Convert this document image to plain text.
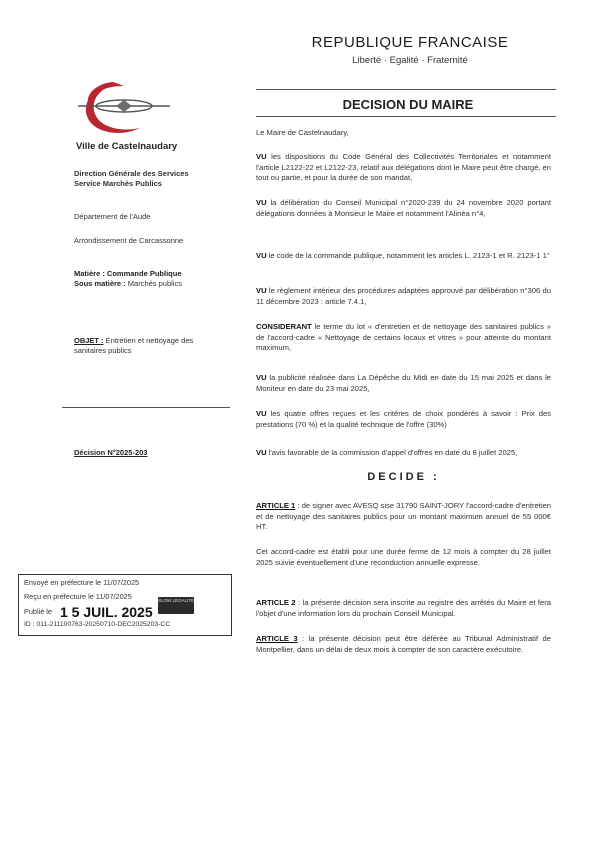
REPUBLIQUE FRANCAISE
Liberté · Egalité · Fraternité
DECISION DU MAIRE
Ville de Castelnaudary
Direction Générale des Services
Service Marchés Publics
Département de l'Aude
Arrondissement de Carcassonne
Matière : Commande Publique
Sous matière : Marchés publics
OBJET : Entretien et nettoyage des sanitaires publics
Décision N°2025-203
Le Maire de Castelnaudary,
VU les dispositions du Code Général des Collectivités Territoriales et notamment l'article L2122-22 et L2122-23, relatif aux délégations dont le Maire peut être chargé, en tout ou partie, et pour la durée de son mandat,
VU la délibération du Conseil Municipal n°2020-239 du 24 novembre 2020 portant délégations données à Monsieur le Maire et notamment l'Alinéa n°4,
VU le code de la commande publique, notamment les articles L. 2123-1 et R. 2123-1 1°
VU le règlement intérieur des procédures adaptées approuvé par délibération n°306 du 11 décembre 2023 : article 7.4.1,
CONSIDERANT le terme du lot « d'entretien et de nettoyage des sanitaires publics » de l'accord-cadre « Nettoyage de certains locaux et vitres » pour atteinte du montant maximum,
VU la publicité réalisée dans La Dépêche du Midi en date du 15 mai 2025 et dans le Moniteur en date du 23 mai 2025,
VU les quatre offres reçues et les critères de choix pondérés à savoir : Prix des prestations (70 %) et la qualité technique de l'offre (30%)
VU l'avis favorable de la commission d'appel d'offres en date du 8 juillet 2025,
DECIDE :
ARTICLE 1 : de signer avec AVESQ sise 31790 SAINT-JORY l'accord-cadre d'entretien et de nettoyage des sanitaires publics pour un montant maximum annuel de 55 000€ HT.
Cet accord-cadre est établi pour une durée ferme de 12 mois à compter du 28 juillet 2025 suivie éventuellement d'une reconduction annuelle expresse.
ARTICLE 2 : la présente décision sera inscrite au registre des arrêtés du Maire et fera l'objet d'une information lors du prochain Conseil Municipal.
ARTICLE 3 : la présente décision peut être déférée au Tribunal Administratif de Montpellier, dans un délai de deux mois à compter de son caractère exécutoire.
Envoyé en préfecture le 11/07/2025
Reçu en préfecture le 11/07/2025
Publié le 1 5 JUIL. 2025
SLOW LEGALITE
ID : 011-211100763-20250710-DEC2025203-CC
